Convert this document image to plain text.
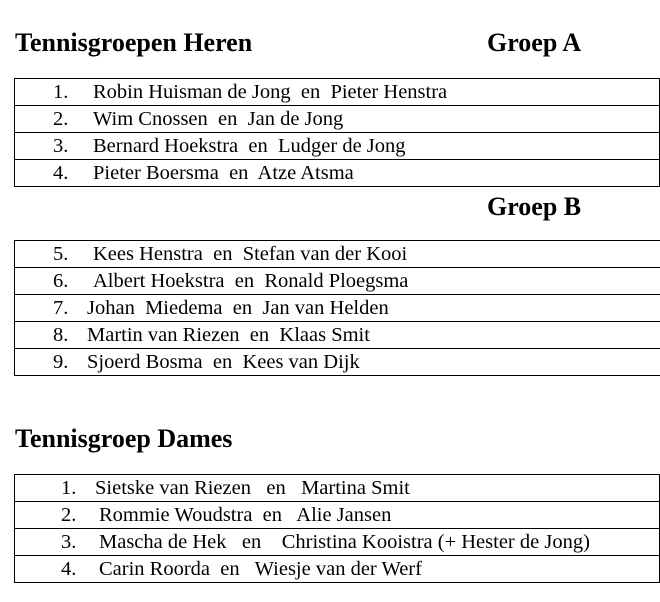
Tennisgroepen Heren	Groep A
1. Robin Huisman de Jong  en  Pieter Henstra
2. Wim Cnossen  en  Jan de Jong
3. Bernard Hoekstra  en  Ludger de Jong
4. Pieter Boersma  en  Atze Atsma
Groep B
5. Kees Henstra  en  Stefan van der Kooi
6. Albert Hoekstra  en  Ronald Ploegsma
7. Johan  Miedema  en  Jan van Helden
8. Martin van Riezen  en  Klaas Smit
9. Sjoerd Bosma  en  Kees van Dijk
Tennisgroep Dames
1. Sietske van Riezen   en   Martina Smit
2. Rommie Woudstra  en   Alie Jansen
3. Mascha de Hek   en    Christina Kooistra (+ Hester de Jong)
4. Carin Roorda  en   Wiesje van der Werf
